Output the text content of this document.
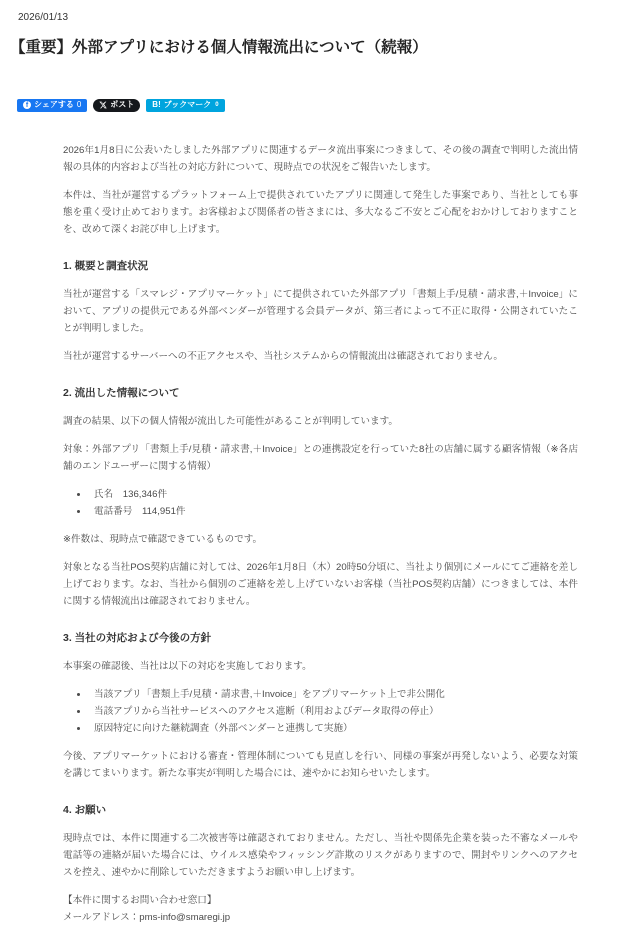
2026/01/13
【重要】外部アプリにおける個人情報流出について（続報）
f シェアする 0	ポスト B! ブックマーク 0

2026年1月8日に公表いたしました外部アプリに関連するデータ流出事案につきまして、その後の調査で判明した流出情報の具体的内容および当社の対応方針について、現時点での状況をご報告いたします。

本件は、当社が運営するプラットフォーム上で提供されていたアプリに関連して発生した事案であり、当社としても事態を重く受け止めております。お客様および関係者の皆さまには、多大なるご不安とご心配をおかけしておりますことを、改めて深くお詫び申し上げます。

1. 概要と調査状況

当社が運営する「スマレジ・アプリマーケット」にて提供されていた外部アプリ「書類上手/見積・請求書,＋Invoice」において、アプリの提供元である外部ベンダーが管理する会員データが、第三者によって不正に取得・公開されていたことが判明しました。

当社が運営するサーバーへの不正アクセスや、当社システムからの情報流出は確認されておりません。

2. 流出した情報について

調査の結果、以下の個人情報が流出した可能性があることが判明しています。

対象：外部アプリ「書類上手/見積・請求書,＋Invoice」との連携設定を行っていた8社の店舗に属する顧客情報（※各店舗のエンドユーザーに関する情報）

• 氏名　136,346件
• 電話番号　114,951件

※件数は、現時点で確認できているものです。

対象となる当社POS契約店舗に対しては、2026年1月8日（木）20時50分頃に、当社より個別にメールにてご連絡を差し上げております。なお、当社から個別のご連絡を差し上げていないお客様（当社POS契約店舗）につきましては、本件に関する情報流出は確認されておりません。

3. 当社の対応および今後の方針

本事案の確認後、当社は以下の対応を実施しております。

• 当該アプリ「書類上手/見積・請求書,＋Invoice」をアプリマーケット上で非公開化
• 当該アプリから当社サービスへのアクセス遮断（利用およびデータ取得の停止）
• 原因特定に向けた継続調査（外部ベンダーと連携して実施）

今後、アプリマーケットにおける審査・管理体制についても見直しを行い、同様の事案が再発しないよう、必要な対策を講じてまいります。新たな事実が判明した場合には、速やかにお知らせいたします。

4. お願い

現時点では、本件に関連する二次被害等は確認されておりません。ただし、当社や関係先企業を装った不審なメールや電話等の連絡が届いた場合には、ウイルス感染やフィッシング詐欺のリスクがありますので、開封やリンクへのアクセスを控え、速やかに削除していただきますようお願い申し上げます。

【本件に関するお問い合わせ窓口】
メールアドレス：pms-info@smaregi.jp
